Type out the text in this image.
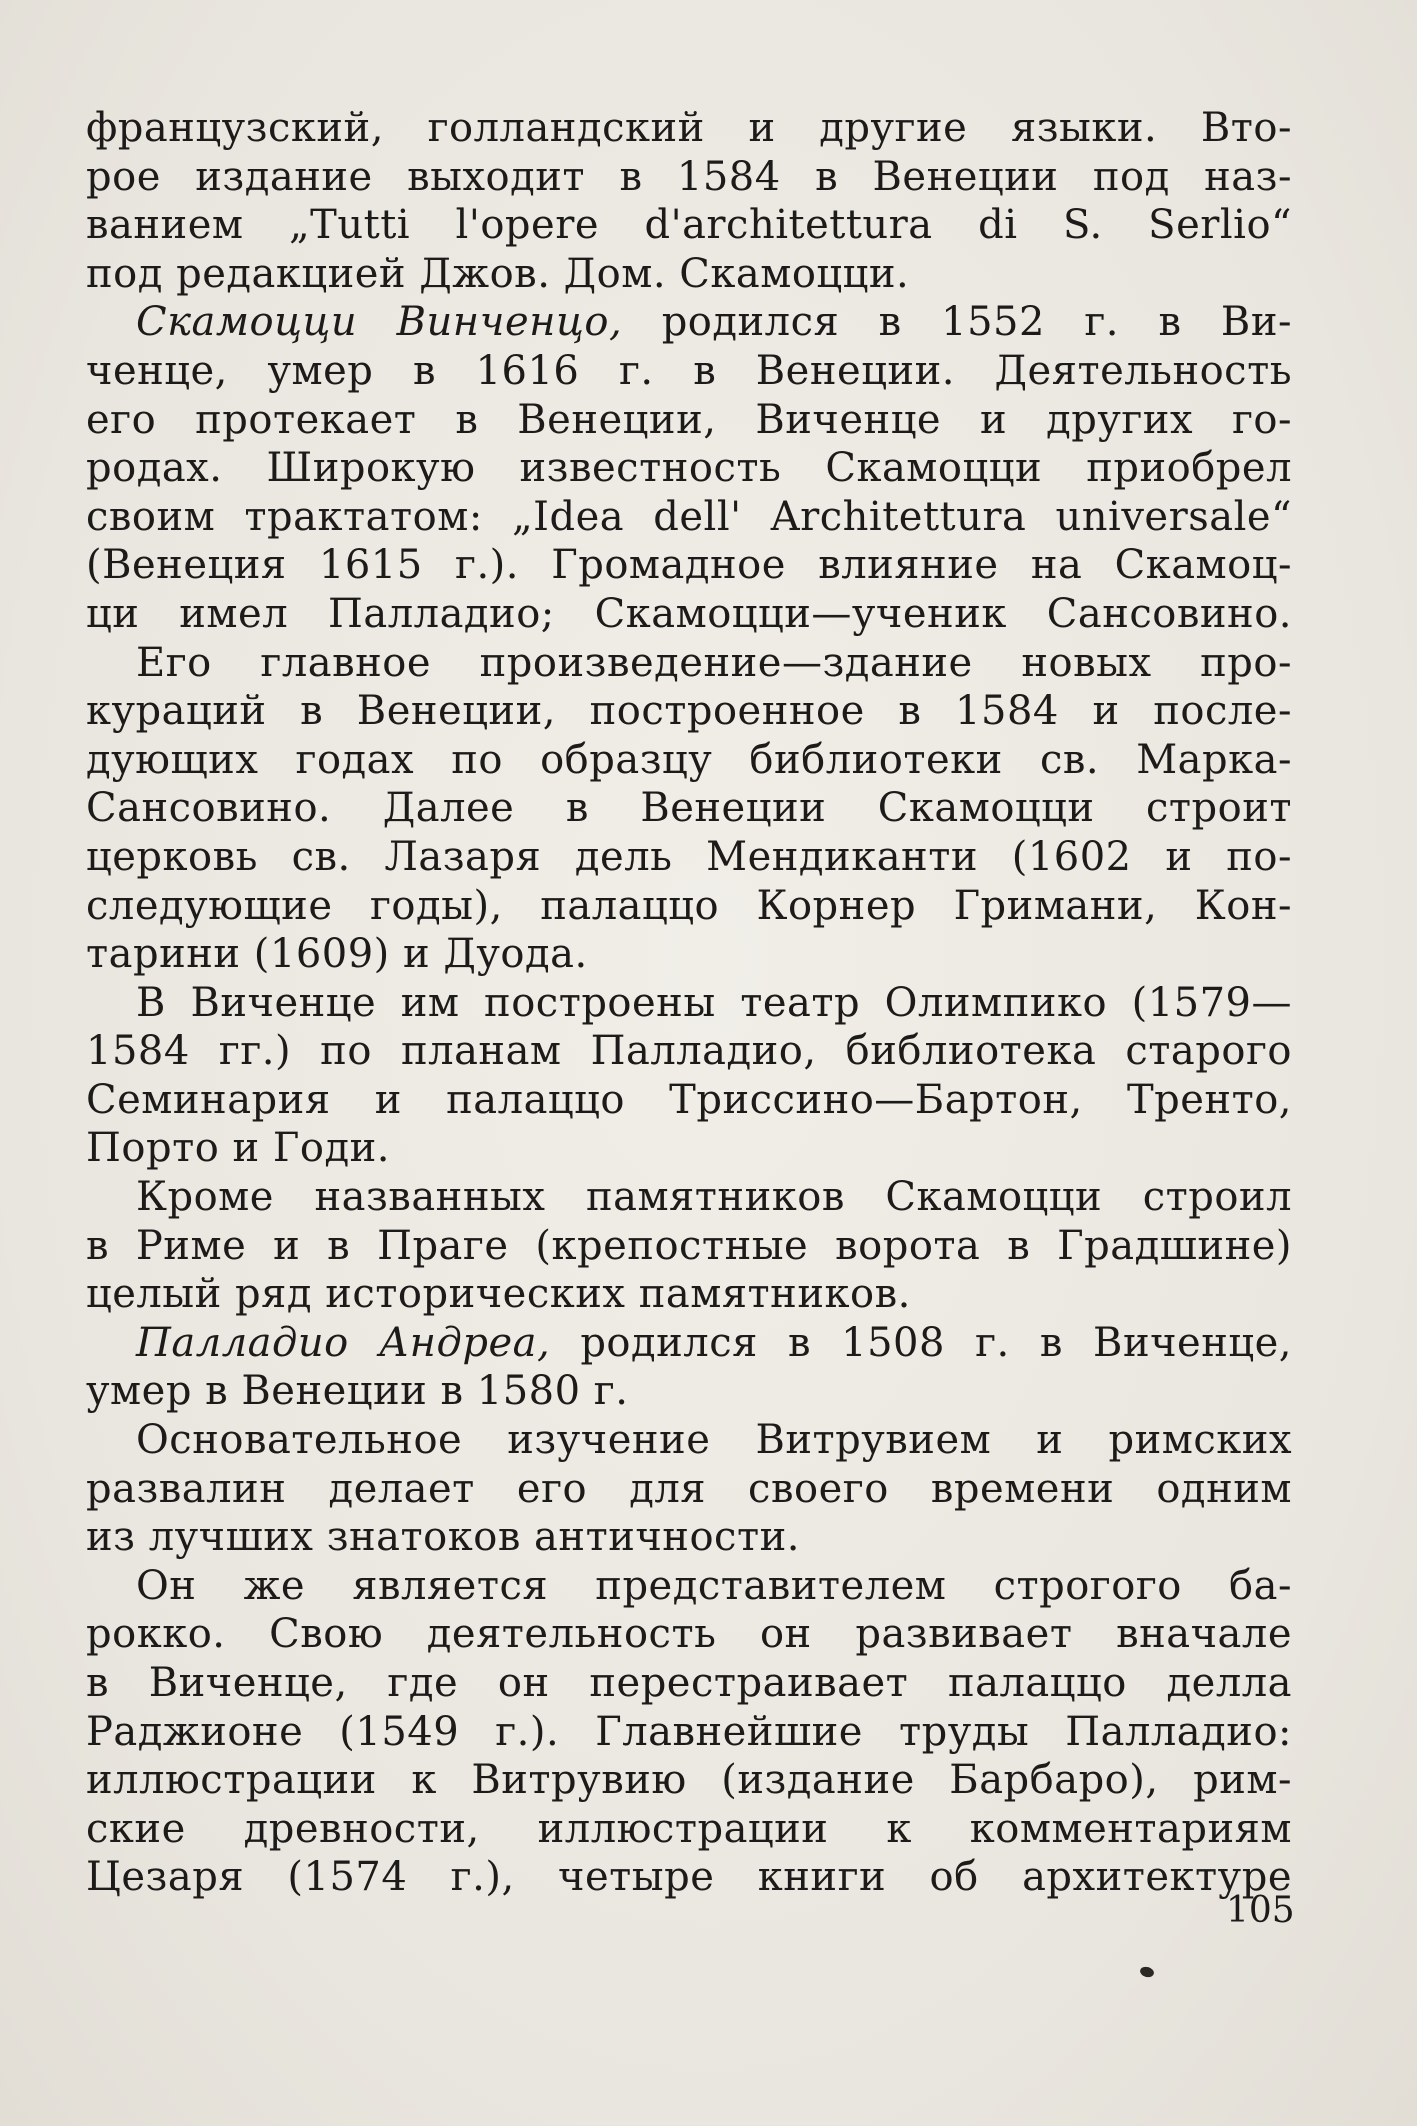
французский, голландский и другие языки. Вто-
рое издание выходит в 1584 в Венеции под наз-
ванием „Tutti l'opere d'architettura di S. Serlio“
под редакцией Джов. Дом. Скамоцци.
Скамоцци Винченцо, родился в 1552 г. в Ви-
ченце, умер в 1616 г. в Венеции. Деятельность
его протекает в Венеции, Виченце и других го-
родах. Широкую известность Скамоцци приобрел
своим трактатом: „Idea dell' Architettura universale“
(Венеция 1615 г.). Громадное влияние на Скамоц-
ци имел Палладио; Скамоцци—ученик Сансовино.
Его главное произведение—здание новых про-
кураций в Венеции, построенное в 1584 и после-
дующих годах по образцу библиотеки св. Марка-
Сансовино. Далее в Венеции Скамоцци строит
церковь св. Лазаря дель Мендиканти (1602 и по-
следующие годы), палаццо Корнер Гримани, Кон-
тарини (1609) и Дуода.
В Виченце им построены театр Олимпико (1579—
1584 гг.) по планам Палладио, библиотека старого
Семинария и палаццо Триссино—Бартон, Тренто,
Порто и Годи.
Кроме названных памятников Скамоцци строил
в Риме и в Праге (крепостные ворота в Градшине)
целый ряд исторических памятников.
Палладио Андреа, родился в 1508 г. в Виченце,
умер в Венеции в 1580 г.
Основательное изучение Витрувием и римских
развалин делает его для своего времени одним
из лучших знатоков античности.
Он же является представителем строгого ба-
рокко. Свою деятельность он развивает вначале
в Виченце, где он перестраивает палаццо делла
Раджионе (1549 г.). Главнейшие труды Палладио:
иллюстрации к Витрувию (издание Барбаро), рим-
ские древности, иллюстрации к комментариям
Цезаря (1574 г.), четыре книги об архитектуре
105
